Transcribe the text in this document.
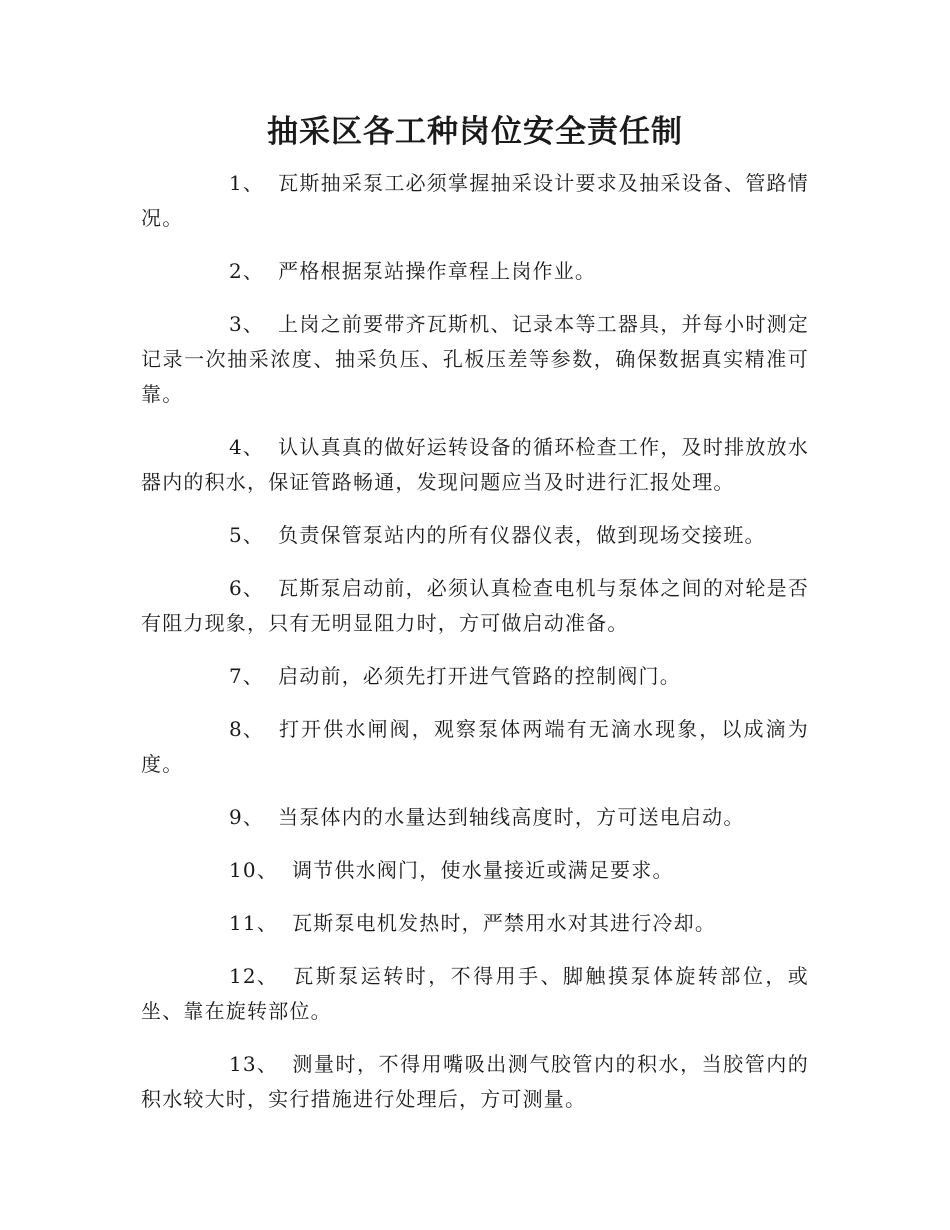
抽采区各工种岗位安全责任制

1、 瓦斯抽采泵工必须掌握抽采设计要求及抽采设备、管路情况。

2、 严格根据泵站操作章程上岗作业。

3、 上岗之前要带齐瓦斯机、记录本等工器具，并每小时测定记录一次抽采浓度、抽采负压、孔板压差等参数，确保数据真实精准可靠。

4、 认认真真的做好运转设备的循环检查工作，及时排放放水器内的积水，保证管路畅通，发现问题应当及时进行汇报处理。

5、 负责保管泵站内的所有仪器仪表，做到现场交接班。

6、 瓦斯泵启动前，必须认真检查电机与泵体之间的对轮是否有阻力现象，只有无明显阻力时，方可做启动准备。

7、 启动前，必须先打开进气管路的控制阀门。

8、 打开供水闸阀，观察泵体两端有无滴水现象，以成滴为度。

9、 当泵体内的水量达到轴线高度时，方可送电启动。

10、 调节供水阀门，使水量接近或满足要求。

11、 瓦斯泵电机发热时，严禁用水对其进行冷却。

12、 瓦斯泵运转时，不得用手、脚触摸泵体旋转部位，或坐、靠在旋转部位。

13、 测量时，不得用嘴吸出测气胶管内的积水，当胶管内的积水较大时，实行措施进行处理后，方可测量。
